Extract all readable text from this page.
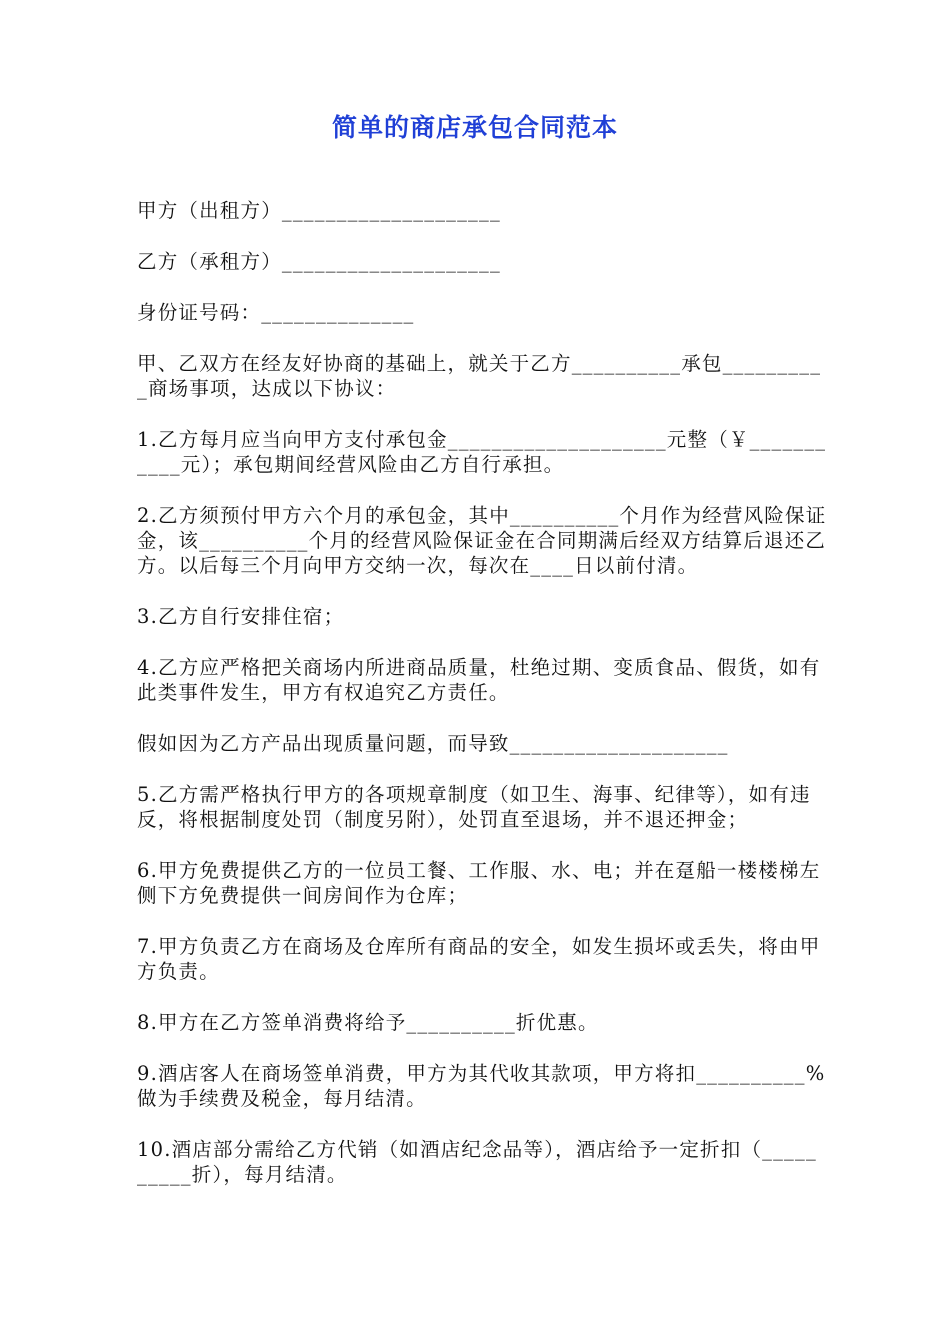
简单的商店承包合同范本

甲方（出租方）____________________

乙方（承租方）____________________

身份证号码：______________

甲、乙双方在经友好协商的基础上，就关于乙方__________承包__________商场事项，达成以下协议：

1.乙方每月应当向甲方支付承包金____________________元整（￥___________元）；承包期间经营风险由乙方自行承担。

2.乙方须预付甲方六个月的承包金，其中__________个月作为经营风险保证金，该__________个月的经营风险保证金在合同期满后经双方结算后退还乙方。以后每三个月向甲方交纳一次，每次在____日以前付清。

3.乙方自行安排住宿；

4.乙方应严格把关商场内所进商品质量，杜绝过期、变质食品、假货，如有此类事件发生，甲方有权追究乙方责任。

假如因为乙方产品出现质量问题，而导致____________________

5.乙方需严格执行甲方的各项规章制度（如卫生、海事、纪律等），如有违反，将根据制度处罚（制度另附），处罚直至退场，并不退还押金；

6.甲方免费提供乙方的一位员工餐、工作服、水、电；并在趸船一楼楼梯左侧下方免费提供一间房间作为仓库；

7.甲方负责乙方在商场及仓库所有商品的安全，如发生损坏或丢失，将由甲方负责。

8.甲方在乙方签单消费将给予__________折优惠。

9.酒店客人在商场签单消费，甲方为其代收其款项，甲方将扣__________%做为手续费及税金，每月结清。

10.酒店部分需给乙方代销（如酒店纪念品等），酒店给予一定折扣（__________折），每月结清。
